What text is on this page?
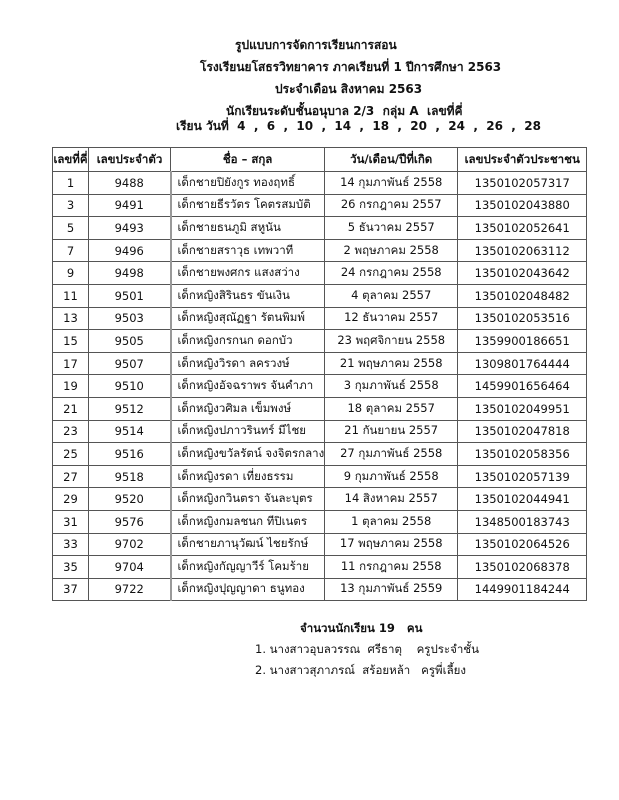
รูปแบบการจัดการเรียนการสอน
โรงเรียนยโสธรวิทยาคาร ภาคเรียนที่ 1 ปีการศึกษา 2563
ประจำเดือน สิงหาคม 2563
นักเรียนระดับชั้นอนุบาล 2/3  กลุ่ม A  เลขที่คี่
เรียน วันที่  4  ,  6  ,  10  ,  14  ,  18  ,  20  ,  24  ,  26  ,  28
เลขที่คี่	เลขประจำตัว	ชื่อ – สกุล	วัน/เดือน/ปีที่เกิด	เลขประจำตัวประชาชน
1	9488	เด็กชายปิยังกูร ทองฤทธิ์	14 กุมภาพันธ์ 2558	1350102057317
3	9491	เด็กชายธีรวัตร โคตรสมบัติ	26 กรกฎาคม 2557	1350102043880
5	9493	เด็กชายธนภูมิ สหูนัน	5 ธันวาคม 2557	1350102052641
7	9496	เด็กชายสราวุธ เทพวาที	2 พฤษภาคม 2558	1350102063112
9	9498	เด็กชายพงศกร แสงสว่าง	24 กรกฎาคม 2558	1350102043642
11	9501	เด็กหญิงสิรินธร ขันเงิน	4 ตุลาคม 2557	1350102048482
13	9503	เด็กหญิงสุณัฏฐา รัตนพิมพ์	12 ธันวาคม 2557	1350102053516
15	9505	เด็กหญิงกรกนก ดอกบัว	23 พฤศจิกายน 2558	1359900186651
17	9507	เด็กหญิงวิรดา ลครวงษ์	21 พฤษภาคม 2558	1309801764444
19	9510	เด็กหญิงอัจฉราพร จันคำภา	3 กุมภาพันธ์ 2558	1459901656464
21	9512	เด็กหญิงวศิมล เข็มพงษ์	18 ตุลาคม 2557	1350102049951
23	9514	เด็กหญิงปภาวรินทร์ มีไชย	21 กันยายน 2557	1350102047818
25	9516	เด็กหญิงขวัลรัตน์ จงจิตรกลาง	27 กุมภาพันธ์ 2558	1350102058356
27	9518	เด็กหญิงรดา เที่ยงธรรม	9 กุมภาพันธ์ 2558	1350102057139
29	9520	เด็กหญิงกวินตรา จันละบุตร	14 สิงหาคม 2557	1350102044941
31	9576	เด็กหญิงกมลชนก ทีปิเนตร	1 ตุลาคม 2558	1348500183743
33	9702	เด็กชายภานุวัฒน์ ไชยรักษ์	17 พฤษภาคม 2558	1350102064526
35	9704	เด็กหญิงกัญญาวีร์ โคมร้าย	11 กรกฎาคม 2558	1350102068378
37	9722	เด็กหญิงปุญญาดา ธนูทอง	13 กุมภาพันธ์ 2559	1449901184244
จำนวนนักเรียน 19   คน
1. นางสาวอุบลวรรณ  ศรีธาตุ    ครูประจำชั้น
2. นางสาวสุภาภรณ์  สร้อยหล้า   ครูพี่เลี้ยง
